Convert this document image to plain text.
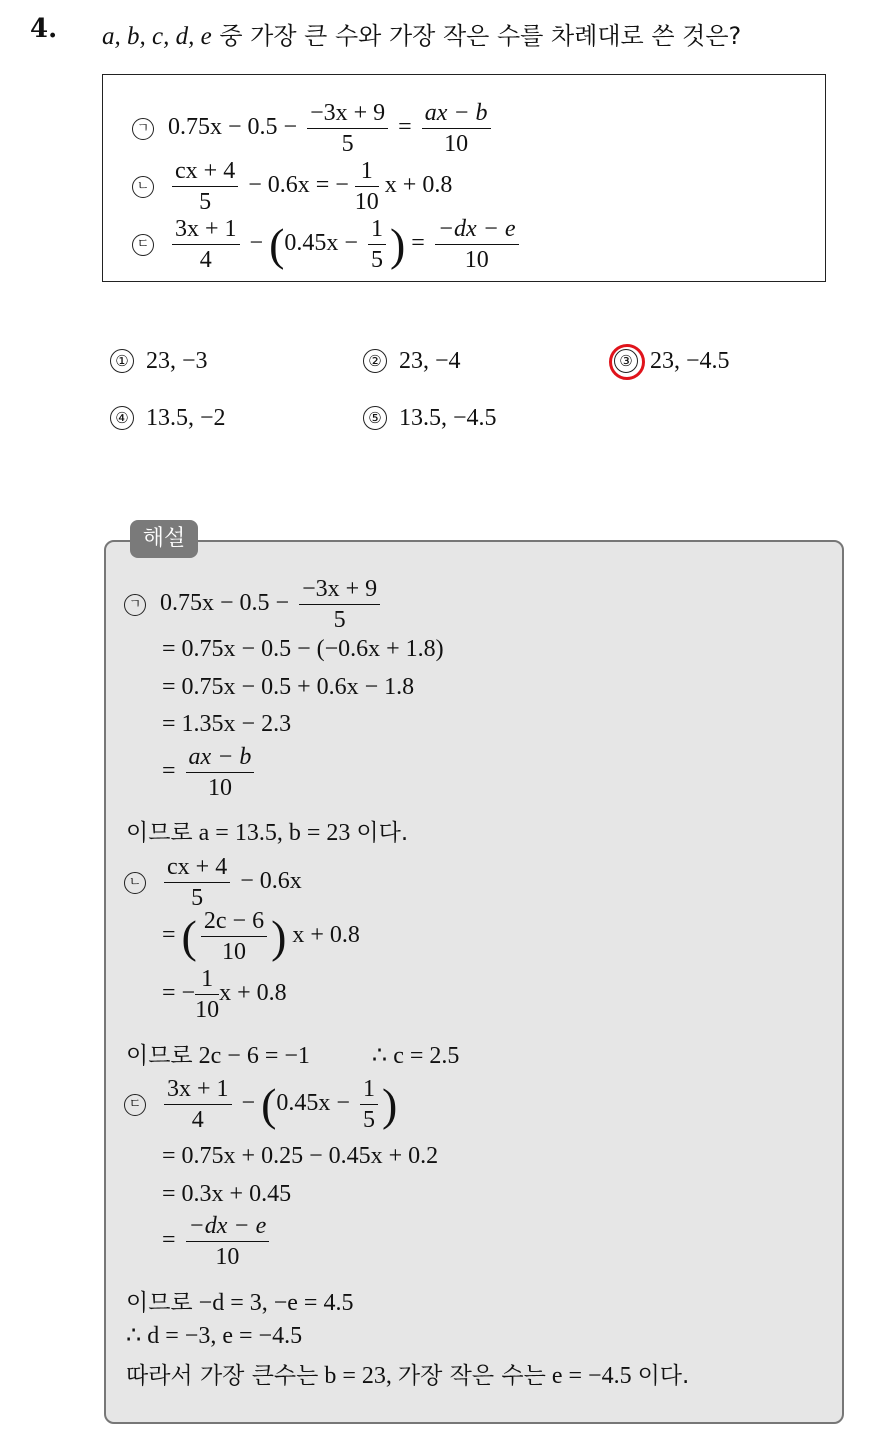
4. a, b, c, d, e 중 가장 큰 수와 가장 작은 수를 차례대로 쓴 것은?
ㄱ $0.75x - 0.5 - \frac{-3x + 9}{5} = \frac{ax - b}{10}$
ㄴ $\frac{cx + 4}{5} - 0.6x$ = − $\frac{1}{10}$ x + 0.8
ㄷ $\frac{3x + 1}{4} - (0.45x - \frac{1}{5}$ ) = $\frac{-dx - e}{10}$
① 23, −3	② 23, −4	③ 23, −4.5
④ 13.5, −2	⑤ 13.5, −4.5
해설
ㄱ $0.75x - 0.5 - \frac{-3x + 9}{5}$
= 0.75x − 0.5 − (−0.6x + 1.8)
= 0.75x − 0.5 + 0.6x − 1.8
= 1.35x − 2.3
= $\frac{ax - b}{10}$
이므로 a = 13.5, b = 23 이다.
ㄴ $\frac{cx + 4}{5} - 0.6x$
= ( $\frac{2c - 6}{10}$ ) x + 0.8
= − $\frac{1}{10}$ x + 0.8
이므로 2c − 6 = −1	∴ c = 2.5
ㄷ $\frac{3x + 1}{4} - (0.45x - \frac{1}{5}$ )
= 0.75x + 0.25 − 0.45x + 0.2
= 0.3x + 0.45
= $\frac{-dx - e}{10}$
이므로 −d = 3, −e = 4.5
∴ d = −3, e = −4.5
따라서 가장 큰수는 b = 23, 가장 작은 수는 e = −4.5 이다.
